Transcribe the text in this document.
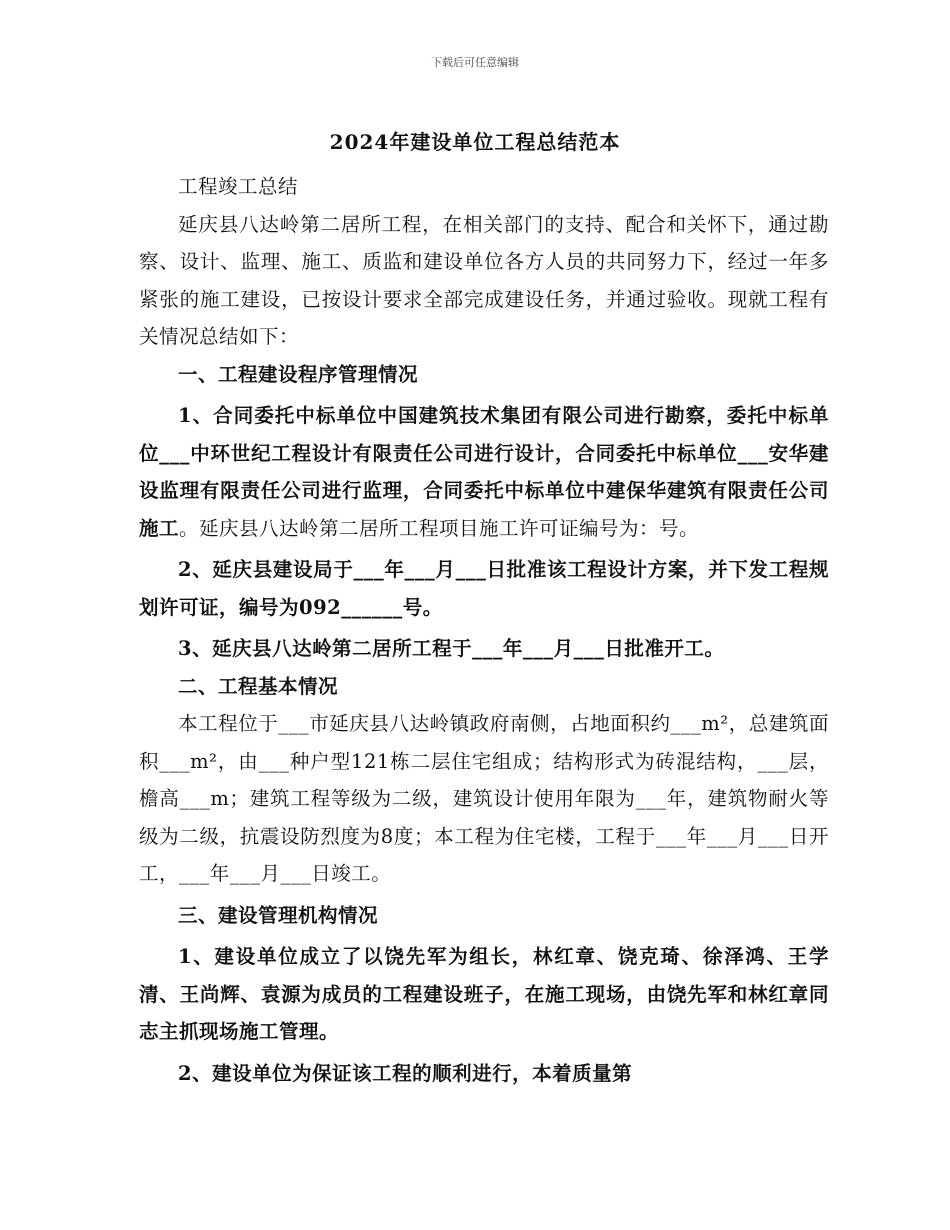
下载后可任意编辑
2024年建设单位工程总结范本

工程竣工总结

延庆县八达岭第二居所工程，在相关部门的支持、配合和关怀下，通过勘察、设计、监理、施工、质监和建设单位各方人员的共同努力下，经过一年多紧张的施工建设，已按设计要求全部完成建设任务，并通过验收。现就工程有关情况总结如下：

一、工程建设程序管理情况

1、合同委托中标单位中国建筑技术集团有限公司进行勘察，委托中标单位___中环世纪工程设计有限责任公司进行设计，合同委托中标单位___安华建设监理有限责任公司进行监理，合同委托中标单位中建保华建筑有限责任公司施工。延庆县八达岭第二居所工程项目施工许可证编号为：号。

2、延庆县建设局于___年___月___日批准该工程设计方案，并下发工程规划许可证，编号为092______号。

3、延庆县八达岭第二居所工程于___年___月___日批准开工。

二、工程基本情况

本工程位于___市延庆县八达岭镇政府南侧，占地面积约___m²，总建筑面积___m²，由___种户型121栋二层住宅组成；结构形式为砖混结构，___层，檐高___m；建筑工程等级为二级，建筑设计使用年限为___年，建筑物耐火等级为二级，抗震设防烈度为8度；本工程为住宅楼，工程于___年___月___日开工，___年___月___日竣工。

三、建设管理机构情况

1、建设单位成立了以饶先军为组长，林红章、饶克琦、徐泽鸿、王学清、王尚辉、袁源为成员的工程建设班子，在施工现场，由饶先军和林红章同志主抓现场施工管理。

2、建设单位为保证该工程的顺利进行，本着质量第
